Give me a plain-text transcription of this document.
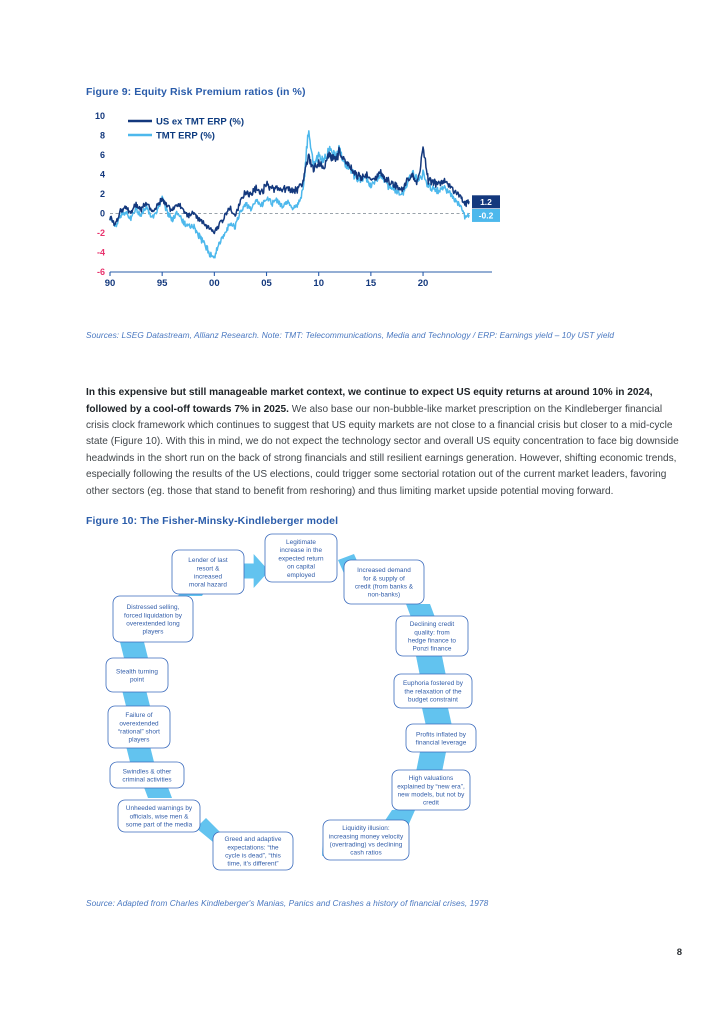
Figure 9: Equity Risk Premium ratios (in %)
10
8
6
4
2
0
-2
-4
-6
90	95	00	05	10	15	20
US ex TMT ERP (%)
TMT ERP (%)
1.2
-0.2
Sources: LSEG Datastream, Allianz Research. Note: TMT: Telecommunications, Media and Technology / ERP: Earnings yield – 10y UST yield

In this expensive but still manageable market context, we continue to expect US equity returns at around 10% in 2024, followed by a cool-off towards 7% in 2025. We also base our non-bubble-like market prescription on the Kindleberger financial crisis clock framework which continues to suggest that US equity markets are not close to a financial crisis but closer to a mid-cycle state (Figure 10). With this in mind, we do not expect the technology sector and overall US equity concentration to face big downside headwinds in the short run on the back of strong financials and still resilient earnings generation. However, shifting economic trends, especially following the results of the US elections, could trigger some sectorial rotation out of the current market leaders, favoring other sectors (eg. those that stand to benefit from reshoring) and thus limiting market upside potential moving forward.

Figure 10: The Fisher-Minsky-Kindleberger model
Legitimate increase in the expected return on capital employed
Increased demand for & supply of credit (from banks & non-banks)
Declining credit quality: from hedge finance to Ponzi finance
Euphoria fostered by the relaxation of the budget constraint
Profits inflated by financial leverage
High valuations explained by “new era”, new models, but not by credit
Liquidity illusion: increasing money velocity (overtrading) vs declining cash ratios
Greed and adaptive expectations: “the cycle is dead”, “this time, it's different”
Unheeded warnings by officials, wise men & some part of the media
Swindles & other criminal activities
Failure of overextended “rational” short players
Stealth turning point
Distressed selling, forced liquidation by overextended long players
Lender of last resort & increased moral hazard
Source: Adapted from Charles Kindleberger's Manias, Panics and Crashes a history of financial crises, 1978
8
